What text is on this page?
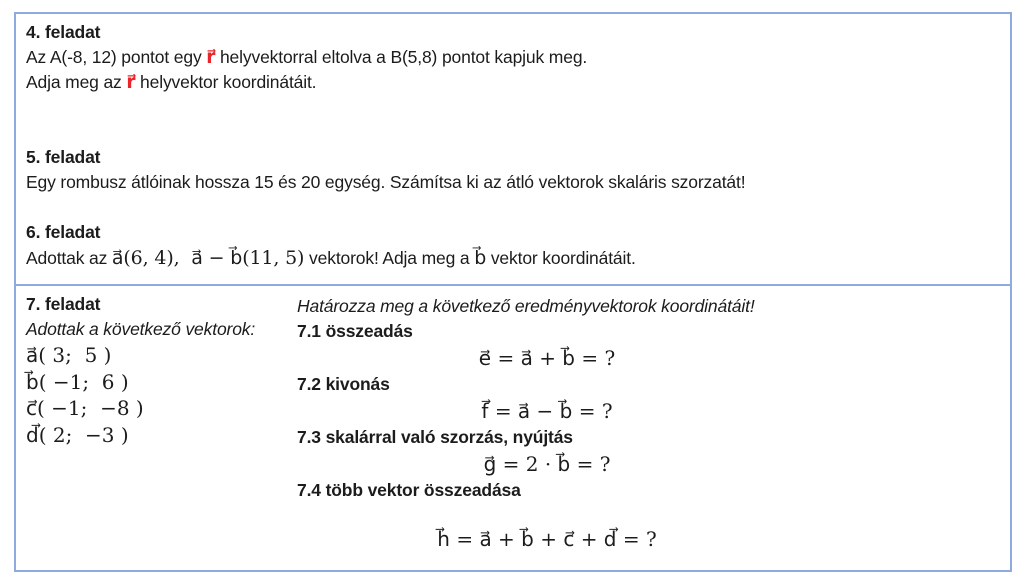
4. feladat

Az A(-8, 12) pontot egy r⃗ helyvektorral eltolva a B(5,8) pontot kapjuk meg.

Adja meg az r⃗ helyvektor koordinátáit.

5. feladat

Egy rombusz átlóinak hossza 15 és 20 egység. Számítsa ki az átló vektorok skaláris szorzatát!

6. feladat

Adottak az a⃗(6, 4),  a⃗ − b⃗(11, 5) vektorok! Adja meg a b⃗ vektor koordinátáit.

7. feladat

Adottak a következő vektorok:

a⃗( 3;  5 )

b⃗( −1;  6 )

c⃗( −1;  −8 )

d⃗( 2;  −3 )

Határozza meg a következő eredményvektorok koordinátáit!

7.1 összeadás

e⃗ = a⃗ + b⃗ = ?

7.2 kivonás

f⃗ = a⃗ − b⃗ = ?

7.3 skalárral való szorzás, nyújtás

g⃗ = 2 · b⃗ = ?

7.4 több vektor összeadása

h⃗ = a⃗ + b⃗ + c⃗ + d⃗ = ?
